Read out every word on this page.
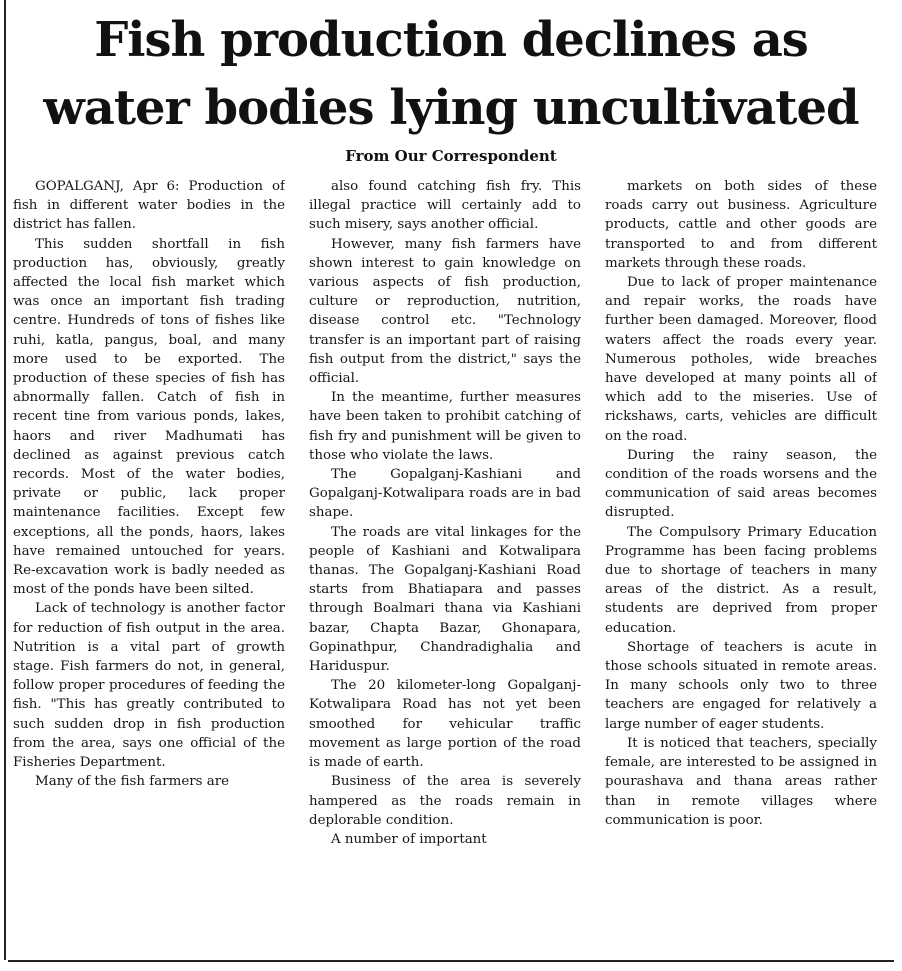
Fish production declines as
water bodies lying uncultivated
From Our Correspondent

GOPALGANJ, Apr 6: Production of fish in different water bodies in the district has fallen.

This sudden shortfall in fish production has, obviously, greatly affected the local fish market which was once an important fish trading centre. Hundreds of tons of fishes like ruhi, katla, pangus, boal, and many more used to be exported. The production of these species of fish has abnormally fallen. Catch of fish in recent tine from various ponds, lakes, haors and river Madhumati has declined as against previous catch records. Most of the water bodies, private or public, lack proper maintenance facilities. Except few exceptions, all the ponds, haors, lakes have remained untouched for years. Re-excavation work is badly needed as most of the ponds have been silted.

Lack of technology is another factor for reduction of fish output in the area. Nutrition is a vital part of growth stage. Fish farmers do not, in general, follow proper procedures of feeding the fish. "This has greatly contributed to such sudden drop in fish production from the area, says one official of the Fisheries Department.

Many of the fish farmers are

also found catching fish fry. This illegal practice will certainly add to such misery, says another official.

However, many fish farmers have shown interest to gain knowledge on various aspects of fish production, culture or reproduction, nutrition, disease control etc. "Technology transfer is an important part of raising fish output from the district," says the official.

In the meantime, further measures have been taken to prohibit catching of fish fry and punishment will be given to those who violate the laws.

The Gopalganj-Kashiani and Gopalganj-Kotwalipara roads are in bad shape.

The roads are vital linkages for the people of Kashiani and Kotwalipara thanas. The Gopalganj-Kashiani Road starts from Bhatiapara and passes through Boalmari thana via Kashiani bazar, Chapta Bazar, Ghonapara, Gopinathpur, Chandradighalia and Hariduspur.

The 20 kilometer-long Gopalganj-Kotwalipara Road has not yet been smoothed for vehicular traffic movement as large portion of the road is made of earth.

Business of the area is severely hampered as the roads remain in deplorable condition.

A number of important

markets on both sides of these roads carry out business. Agriculture products, cattle and other goods are transported to and from different markets through these roads.

Due to lack of proper maintenance and repair works, the roads have further been damaged. Moreover, flood waters affect the roads every year. Numerous potholes, wide breaches have developed at many points all of which add to the miseries. Use of rickshaws, carts, vehicles are difficult on the road.

During the rainy season, the condition of the roads worsens and the communication of said areas becomes disrupted.

The Compulsory Primary Education Programme has been facing problems due to shortage of teachers in many areas of the district. As a result, students are deprived from proper education.

Shortage of teachers is acute in those schools situated in remote areas. In many schools only two to three teachers are engaged for relatively a large number of eager students.

It is noticed that teachers, specially female, are interested to be assigned in pourashava and thana areas rather than in remote villages where communication is poor.
